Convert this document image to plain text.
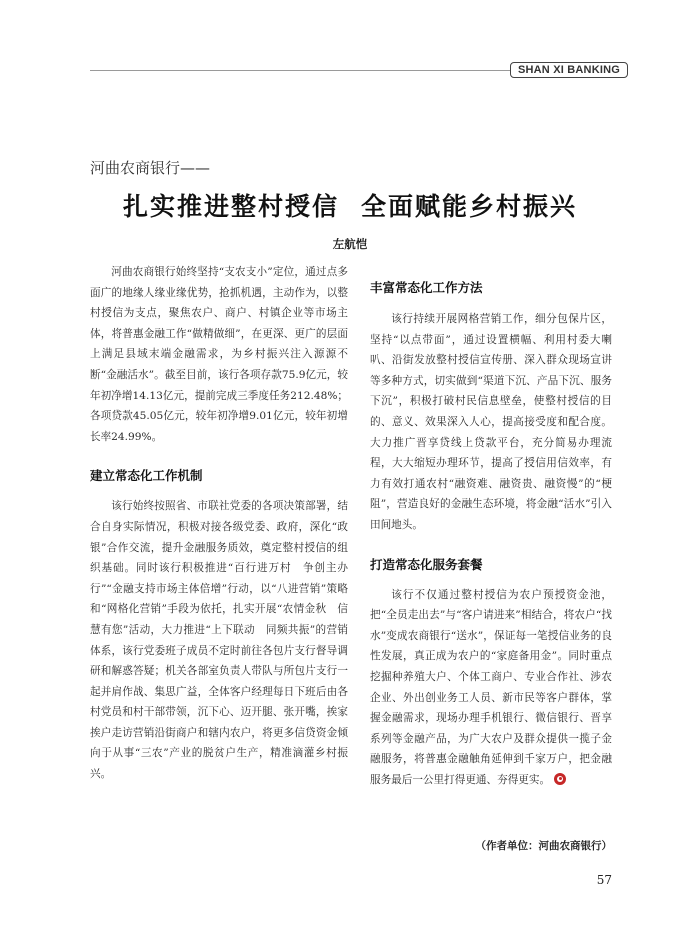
SHAN XI BANKING
河曲农商银行——
扎实推进整村授信 全面赋能乡村振兴
左航恺

河曲农商银行始终坚持“支农支小”定位，通过点多面广的地缘人缘业缘优势，抢抓机遇，主动作为，以整村授信为支点，聚焦农户、商户、村镇企业等市场主体，将普惠金融工作“做精做细”，在更深、更广的层面上满足县域末端金融需求，为乡村振兴注入源源不断“金融活水”。截至目前，该行各项存款75.9亿元，较年初净增14.13亿元，提前完成三季度任务212.48%；各项贷款45.05亿元，较年初净增9.01亿元，较年初增长率24.99%。

建立常态化工作机制

该行始终按照省、市联社党委的各项决策部署，结合自身实际情况，积极对接各级党委、政府，深化“政银”合作交流，提升金融服务质效，奠定整村授信的组织基础。同时该行积极推进“百行进万村　争创主办行”“金融支持市场主体倍增”行动，以“八进营销”策略和“网格化营销”手段为依托，扎实开展“农情金秋　信慧有您”活动，大力推进“上下联动　同频共振”的营销体系，该行党委班子成员不定时前往各包片支行督导调研和解惑答疑；机关各部室负责人带队与所包片支行一起并肩作战、集思广益，全体客户经理每日下班后由各村党员和村干部带领，沉下心、迈开腿、张开嘴，挨家挨户走访营销沿街商户和辖内农户，将更多信贷资金倾向于从事“三农”产业的脱贫户生产，精准滴灌乡村振兴。

丰富常态化工作方法

该行持续开展网格营销工作，细分包保片区，坚持“以点带面”，通过设置横幅、利用村委大喇叭、沿街发放整村授信宣传册、深入群众现场宣讲等多种方式，切实做到“渠道下沉、产品下沉、服务下沉”，积极打破村民信息壁垒，使整村授信的目的、意义、效果深入人心，提高接受度和配合度。大力推广晋享贷线上贷款平台，充分简易办理流程，大大缩短办理环节，提高了授信用信效率，有力有效打通农村“融资难、融资贵、融资慢”的“梗阻”，营造良好的金融生态环境，将金融“活水”引入田间地头。

打造常态化服务套餐

该行不仅通过整村授信为农户预授资金池，把“全员走出去”与“客户请进来”相结合，将农户“找水”变成农商银行“送水”，保证每一笔授信业务的良性发展，真正成为农户的“家庭备用金”。同时重点挖掘种养殖大户、个体工商户、专业合作社、涉农企业、外出创业务工人员、新市民等客户群体，掌握金融需求，现场办理手机银行、微信银行、晋享系列等金融产品，为广大农户及群众提供一揽子金融服务，将普惠金融触角延伸到千家万户，把金融服务最后一公里打得更通、夯得更实。

（作者单位：河曲农商银行）
57
